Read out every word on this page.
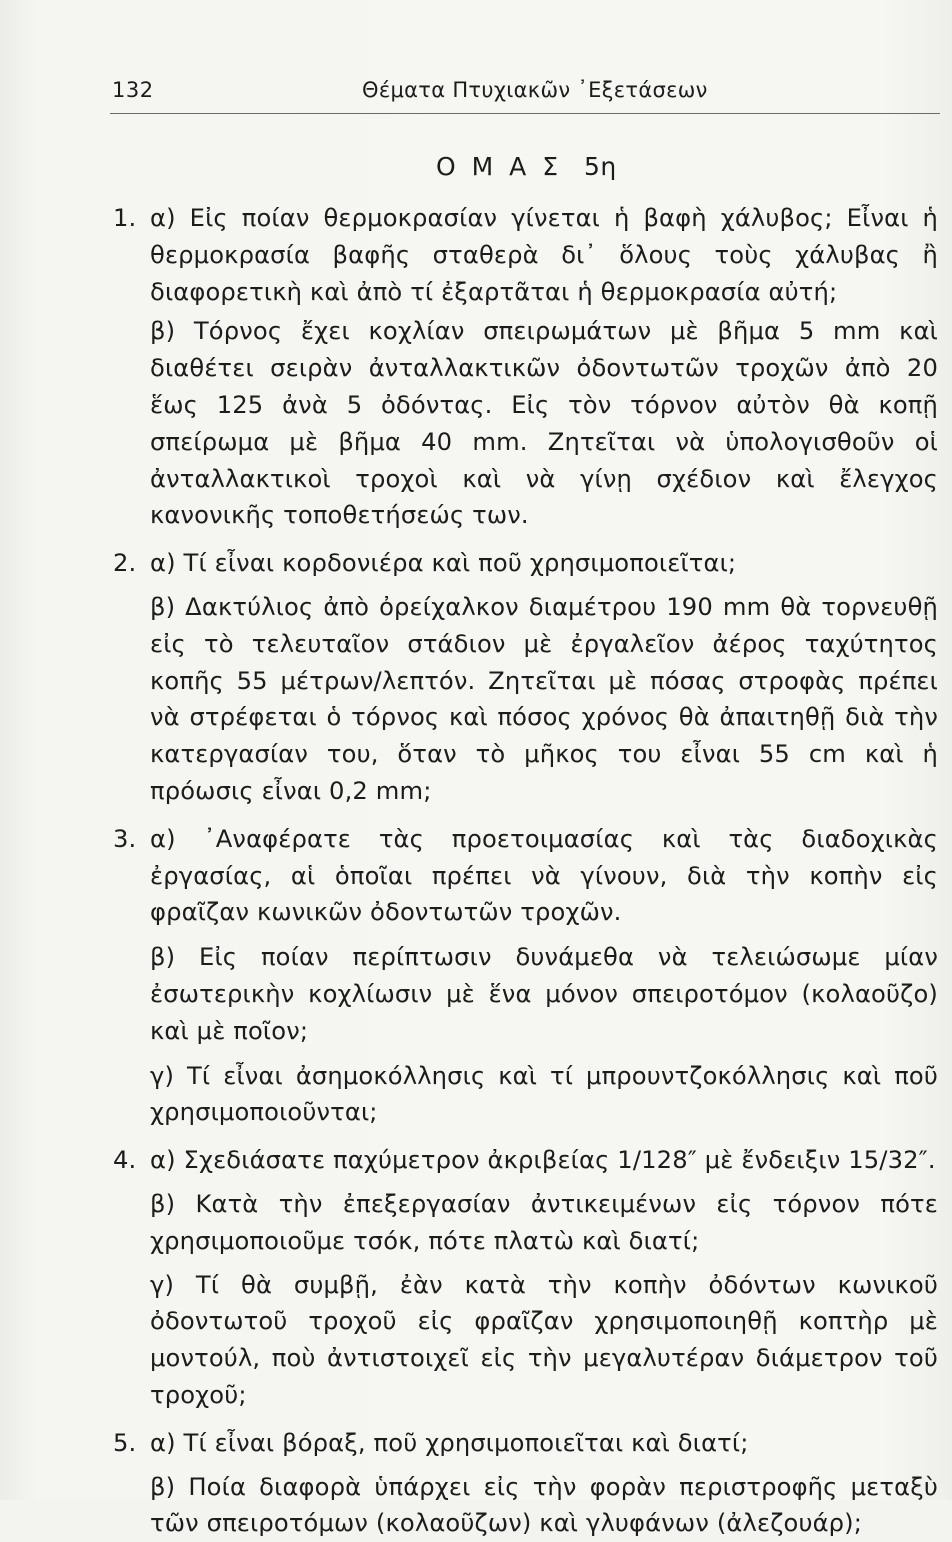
132	Θέματα Πτυχιακῶν ᾿Εξετάσεων
Ο Μ Α Σ 5η
1. α) Εἰς ποίαν θερμοκρασίαν γίνεται ἡ βαφὴ χάλυβος; Εἶναι ἡ θερμοκρασία βαφῆς σταθερὰ δι᾿ ὅλους τοὺς χάλυβας ἢ διαφορετικὴ καὶ ἀπὸ τί ἐξαρτᾶται ἡ θερμοκρασία αὐτή;
β) Τόρνος ἔχει κοχλίαν σπειρωμάτων μὲ βῆμα 5 mm καὶ διαθέτει σειρὰν ἀνταλλακτικῶν ὀδοντωτῶν τροχῶν ἀπὸ 20 ἕως 125 ἀνὰ 5 ὀδόντας. Εἰς τὸν τόρνον αὐτὸν θὰ κοπῇ σπείρωμα μὲ βῆμα 40 mm. Ζητεῖται νὰ ὑπολογισθοῦν οἱ ἀνταλλακτικοὶ τροχοὶ καὶ νὰ γίνῃ σχέδιον καὶ ἔλεγχος κανονικῆς τοποθετήσεώς των.
2. α) Τί εἶναι κορδονιέρα καὶ ποῦ χρησιμοποιεῖται;
β) Δακτύλιος ἀπὸ ὀρείχαλκον διαμέτρου 190 mm θὰ τορνευθῇ εἰς τὸ τελευταῖον στάδιον μὲ ἐργαλεῖον ἀέρος ταχύτητος κοπῆς 55 μέτρων/λεπτόν. Ζητεῖται μὲ πόσας στροφὰς πρέπει νὰ στρέφεται ὁ τόρνος καὶ πόσος χρόνος θὰ ἀπαιτηθῇ διὰ τὴν κατεργασίαν του, ὅταν τὸ μῆκος του εἶναι 55 cm καὶ ἡ πρόωσις εἶναι 0,2 mm;
3. α) ᾿Αναφέρατε τὰς προετοιμασίας καὶ τὰς διαδοχικὰς ἐργασίας, αἱ ὁποῖαι πρέπει νὰ γίνουν, διὰ τὴν κοπὴν εἰς φραῖζαν κωνικῶν ὀδοντωτῶν τροχῶν.
β) Εἰς ποίαν περίπτωσιν δυνάμεθα νὰ τελειώσωμε μίαν ἐσωτερικὴν κοχλίωσιν μὲ ἕνα μόνον σπειροτόμον (κολαοῦζο) καὶ μὲ ποῖον;
γ) Τί εἶναι ἀσημοκόλλησις καὶ τί μπρουντζοκόλλησις καὶ ποῦ χρησιμοποιοῦνται;
4. α) Σχεδιάσατε παχύμετρον ἀκριβείας 1/128″ μὲ ἔνδειξιν 15/32″.
β) Κατὰ τὴν ἐπεξεργασίαν ἀντικειμένων εἰς τόρνον πότε χρησιμοποιοῦμε τσόκ, πότε πλατὼ καὶ διατί;
γ) Τί θὰ συμβῇ, ἐὰν κατὰ τὴν κοπὴν ὀδόντων κωνικοῦ ὀδοντωτοῦ τροχοῦ εἰς φραῖζαν χρησιμοποιηθῇ κοπτὴρ μὲ μοντούλ, ποὺ ἀντιστοιχεῖ εἰς τὴν μεγαλυτέραν διάμετρον τοῦ τροχοῦ;
5. α) Τί εἶναι βόραξ, ποῦ χρησιμοποιεῖται καὶ διατί;
β) Ποία διαφορὰ ὑπάρχει εἰς τὴν φορὰν περιστροφῆς μεταξὺ τῶν σπειροτόμων (κολαοῦζων) καὶ γλυφάνων (ἀλεζουάρ);
